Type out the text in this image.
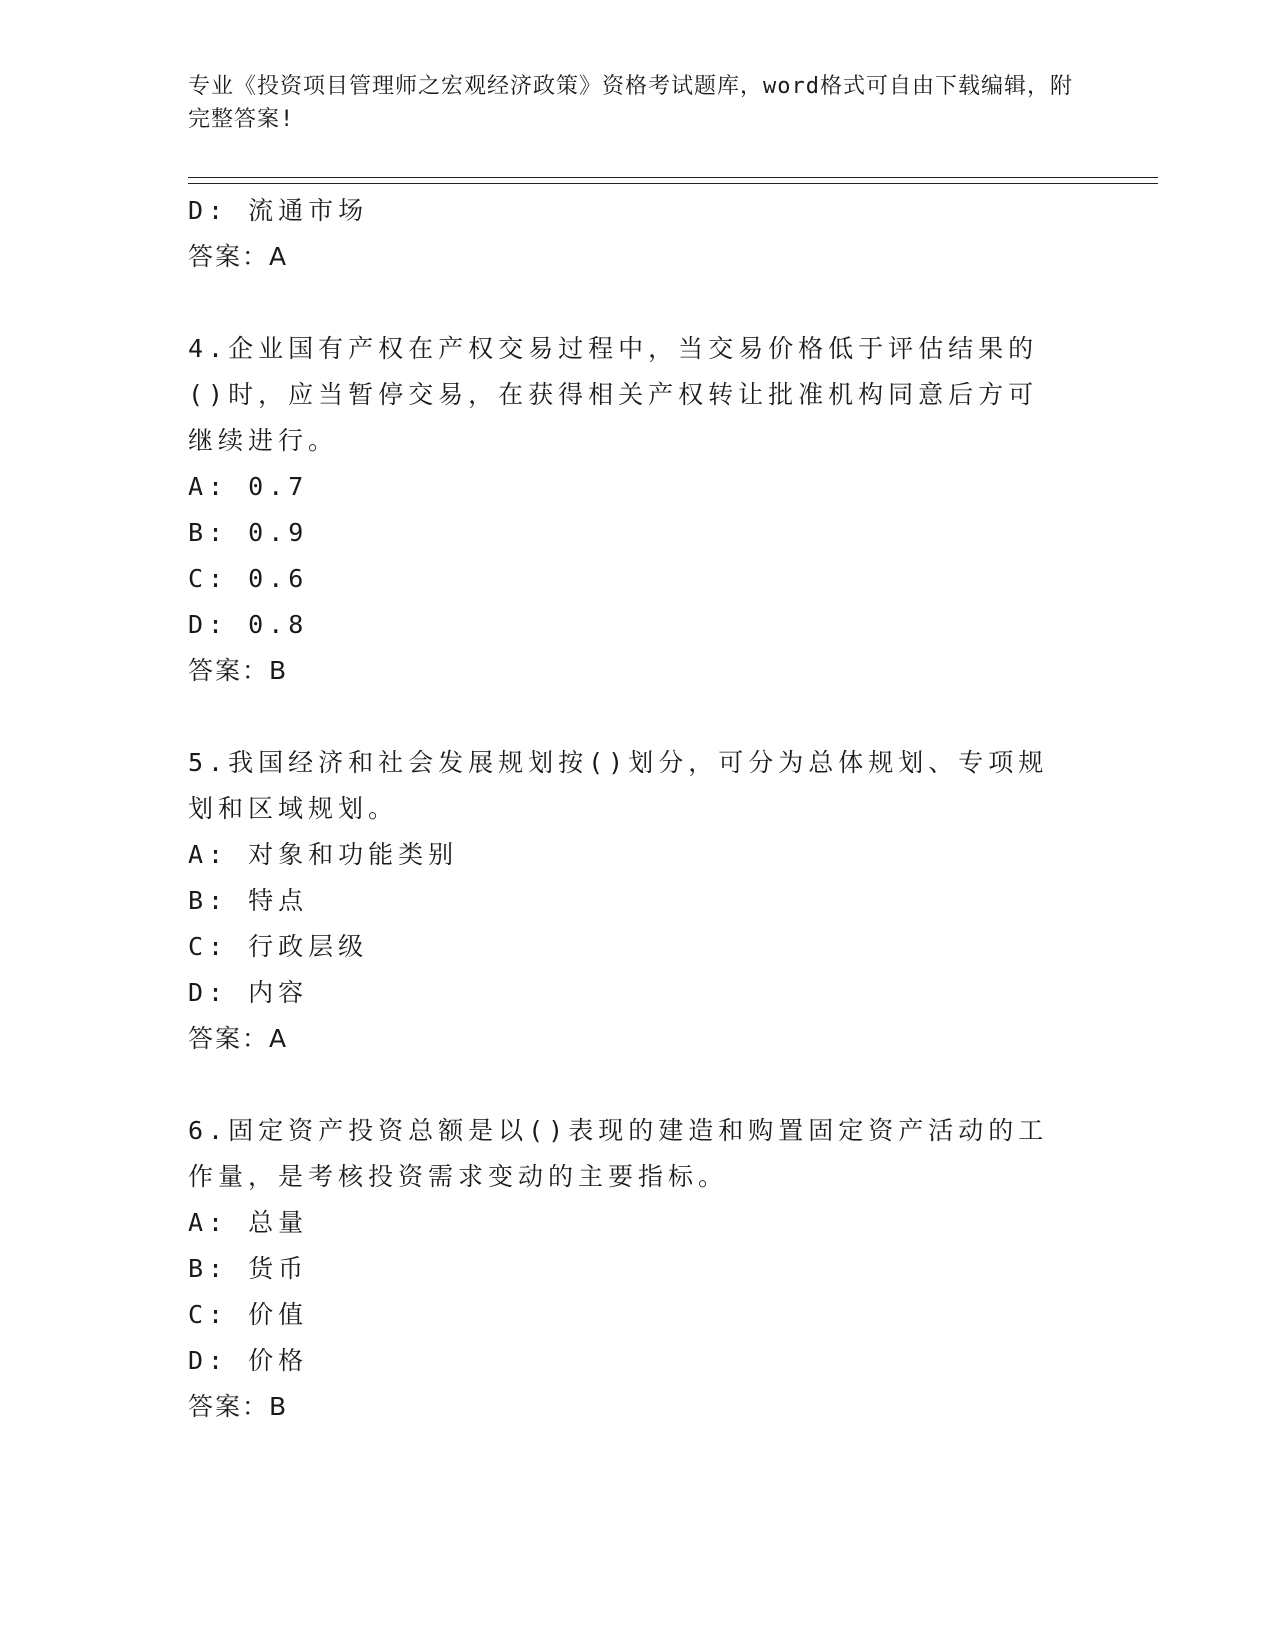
专业《投资项目管理师之宏观经济政策》资格考试题库，word格式可自由下载编辑，附完整答案!
D: 流通市场
答案：A
4.企业国有产权在产权交易过程中，当交易价格低于评估结果的()时，应当暂停交易，在获得相关产权转让批准机构同意后方可继续进行。
A: 0.7
B: 0.9
C: 0.6
D: 0.8
答案：B
5.我国经济和社会发展规划按()划分，可分为总体规划、专项规划和区域规划。
A: 对象和功能类别
B: 特点
C: 行政层级
D: 内容
答案：A
6.固定资产投资总额是以()表现的建造和购置固定资产活动的工作量，是考核投资需求变动的主要指标。
A: 总量
B: 货币
C: 价值
D: 价格
答案：B
